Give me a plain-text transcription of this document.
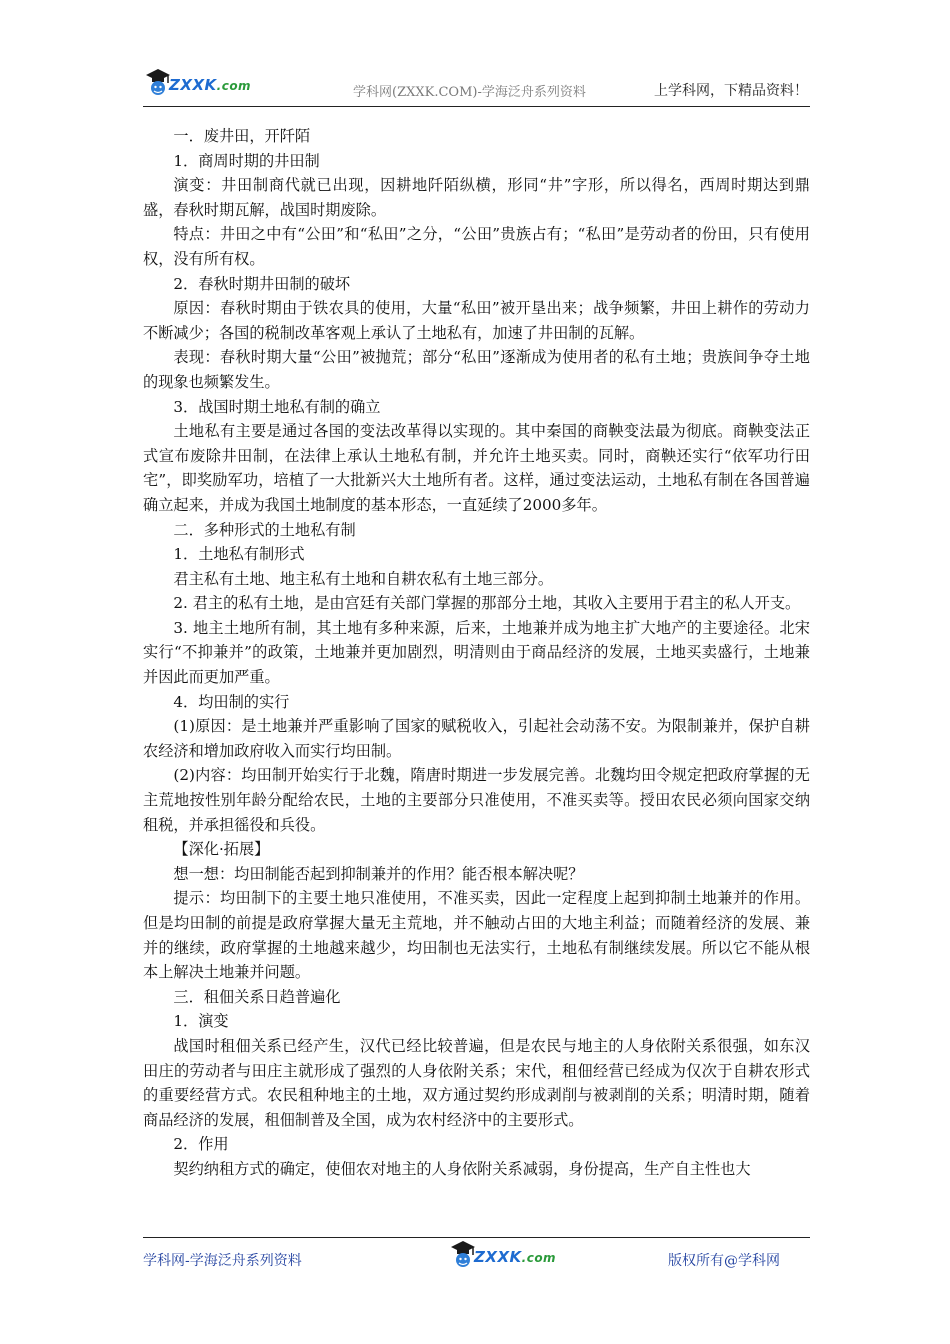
ZXXK.com	学科网(ZXXK.COM)-学海泛舟系列资料	上学科网，下精品资料！

一．废井田，开阡陌

1．商周时期的井田制

演变：井田制商代就已出现，因耕地阡陌纵横，形同“井”字形，所以得名，西周时期达到鼎盛，春秋时期瓦解，战国时期废除。

特点：井田之中有“公田”和“私田”之分，“公田”贵族占有；“私田”是劳动者的份田，只有使用权，没有所有权。

2．春秋时期井田制的破坏

原因：春秋时期由于铁农具的使用，大量“私田”被开垦出来；战争频繁，井田上耕作的劳动力不断减少；各国的税制改革客观上承认了土地私有，加速了井田制的瓦解。

表现：春秋时期大量“公田”被抛荒；部分“私田”逐渐成为使用者的私有土地；贵族间争夺土地的现象也频繁发生。

3．战国时期土地私有制的确立

土地私有主要是通过各国的变法改革得以实现的。其中秦国的商鞅变法最为彻底。商鞅变法正式宣布废除井田制，在法律上承认土地私有制，并允许土地买卖。同时，商鞅还实行“依军功行田宅”，即奖励军功，培植了一大批新兴大土地所有者。这样，通过变法运动，土地私有制在各国普遍确立起来，并成为我国土地制度的基本形态，一直延续了2000多年。

二．多种形式的土地私有制

1．土地私有制形式

君主私有土地、地主私有土地和自耕农私有土地三部分。

2. 君主的私有土地，是由宫廷有关部门掌握的那部分土地，其收入主要用于君主的私人开支。

3. 地主土地所有制，其土地有多种来源，后来，土地兼并成为地主扩大地产的主要途径。北宋实行“不抑兼并”的政策，土地兼并更加剧烈，明清则由于商品经济的发展，土地买卖盛行，土地兼并因此而更加严重。

4．均田制的实行

(1)原因：是土地兼并严重影响了国家的赋税收入，引起社会动荡不安。为限制兼并，保护自耕农经济和增加政府收入而实行均田制。

(2)内容：均田制开始实行于北魏，隋唐时期进一步发展完善。北魏均田令规定把政府掌握的无主荒地按性别年龄分配给农民，土地的主要部分只准使用，不准买卖等。授田农民必须向国家交纳租税，并承担徭役和兵役。

【深化·拓展】

想一想：均田制能否起到抑制兼并的作用？能否根本解决呢？

提示：均田制下的主要土地只准使用，不准买卖，因此一定程度上起到抑制土地兼并的作用。但是均田制的前提是政府掌握大量无主荒地，并不触动占田的大地主利益；而随着经济的发展、兼并的继续，政府掌握的土地越来越少，均田制也无法实行，土地私有制继续发展。所以它不能从根本上解决土地兼并问题。

三．租佃关系日趋普遍化

1．演变

战国时租佃关系已经产生，汉代已经比较普遍，但是农民与地主的人身依附关系很强，如东汉田庄的劳动者与田庄主就形成了强烈的人身依附关系；宋代，租佃经营已经成为仅次于自耕农形式的重要经营方式。农民租种地主的土地，双方通过契约形成剥削与被剥削的关系；明清时期，随着商品经济的发展，租佃制普及全国，成为农村经济中的主要形式。

2．作用

契约纳租方式的确定，使佃农对地主的人身依附关系减弱，身份提高，生产自主性也大

学科网-学海泛舟系列资料	ZXXK.com	版权所有@学科网
